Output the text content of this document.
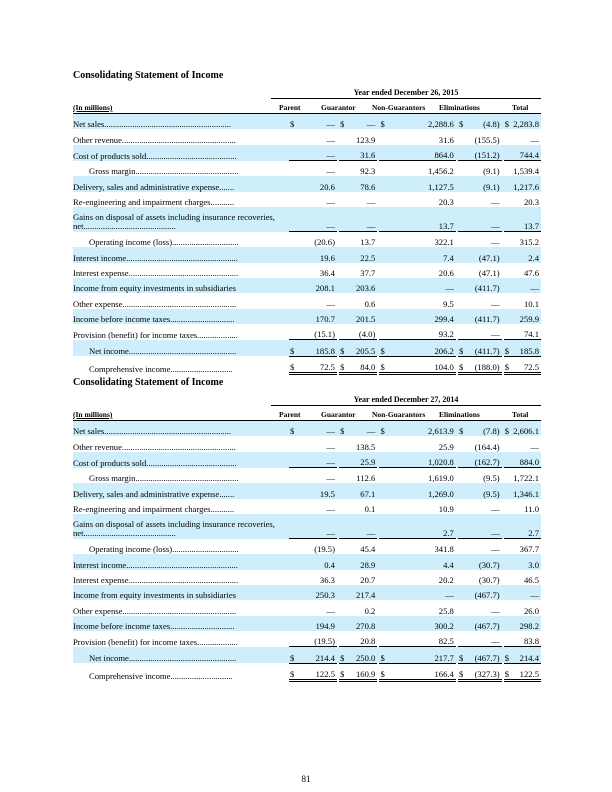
Consolidating Statement of Income
Year ended December 26, 2015
(In millions)	Parent	Guarantor Non-Guarantors Eliminations	Total
Net sales...........................................................		$	—		$	—		$	2,288.6		$	(4.8)		$	2,283.8
Other revenue.....................................................			—			123.9			31.6			(155.5)			—
Cost of products sold..........................................			—			31.6			864.0			(151.2)			744.4
Gross margin................................................			—			92.3			1,456.2			(9.1)			1,539.4
Delivery, sales and administrative expense.......			20.6			78.6			1,127.5			(9.1)			1,217.6
Re-engineering and impairment charges...........			—			—			20.3			—			20.3

Gains on disposal of assets including insurance recoveries, net...........................................			—			—			13.7			—			13.7
Operating income (loss)...............................			(20.6)			13.7			322.1			—			315.2
Interest income....................................................			19.6			22.5			7.4			(47.1)			2.4
Interest expense...................................................			36.4			37.7			20.6			(47.1)			47.6
Income from equity investments in subsidiaries			208.1			203.6			—			(411.7)			—
Other expense.....................................................			—			0.6			9.5			—			10.1
Income before income taxes..............................			170.7			201.5			299.4			(411.7)			259.9
Provision (benefit) for income taxes...................			(15.1)			(4.0)			93.2			—			74.1
Net income..................................................		$	185.8		$	205.5		$	206.2		$	(411.7)		$	185.8
Comprehensive income.............................		$	72.5		$	84.0		$	104.0		$	(188.0)		$	72.5
Consolidating Statement of Income
Year ended December 27, 2014
(In millions)	Parent	Guarantor Non-Guarantors Eliminations	Total
Net sales...........................................................		$	—		$	—		$	2,613.9		$	(7.8)		$	2,606.1
Other revenue.....................................................			—			138.5			25.9			(164.4)			—
Cost of products sold..........................................			—			25.9			1,020.8			(162.7)			884.0
Gross margin................................................			—			112.6			1,619.0			(9.5)			1,722.1
Delivery, sales and administrative expense.......			19.5			67.1			1,269.0			(9.5)			1,346.1
Re-engineering and impairment charges...........			—			0.1			10.9			—			11.0

Gains on disposal of assets including insurance recoveries, net...........................................			—			—			2.7			—			2.7
Operating income (loss)...............................			(19.5)			45.4			341.8			—			367.7
Interest income....................................................			0.4			28.9			4.4			(30.7)			3.0
Interest expense...................................................			36.3			20.7			20.2			(30.7)			46.5
Income from equity investments in subsidiaries			250.3			217.4			—			(467.7)			—
Other expense.....................................................			—			0.2			25.8			—			26.0
Income before income taxes..............................			194.9			270.8			300.2			(467.7)			298.2
Provision (benefit) for income taxes...................			(19.5)			20.8			82.5			—			83.8
Net income..................................................		$	214.4		$	250.0		$	217.7		$	(467.7)		$	214.4
Comprehensive income.............................		$	122.5		$	160.9		$	166.4		$	(327.3)		$	122.5
81
